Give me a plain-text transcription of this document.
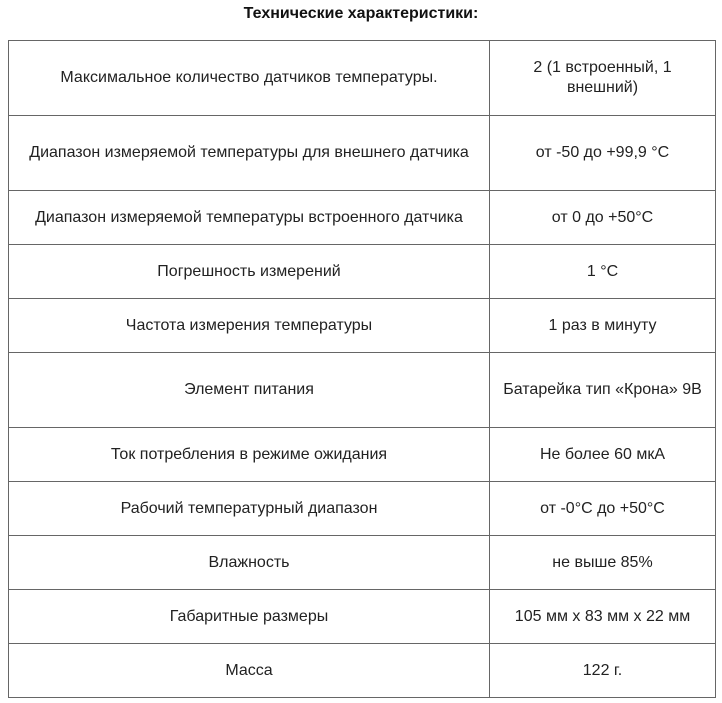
Технические характеристики:
Максимальное количество датчиков температуры.	2 (1 встроенный, 1 внешний)
Диапазон измеряемой температуры для внешнего датчика	от -50 до +99,9 °C
Диапазон измеряемой температуры встроенного датчика	от 0 до +50°C
Погрешность измерений	1 °C
Частота измерения температуры	1 раз в минуту
Элемент питания	Батарейка тип «Крона» 9В
Ток потребления в режиме ожидания	Не более 60 мкА
Рабочий температурный диапазон	от -0°C до +50°C
Влажность	не выше 85%
Габаритные размеры	105 мм x 83 мм x 22 мм
Масса	122 г.
